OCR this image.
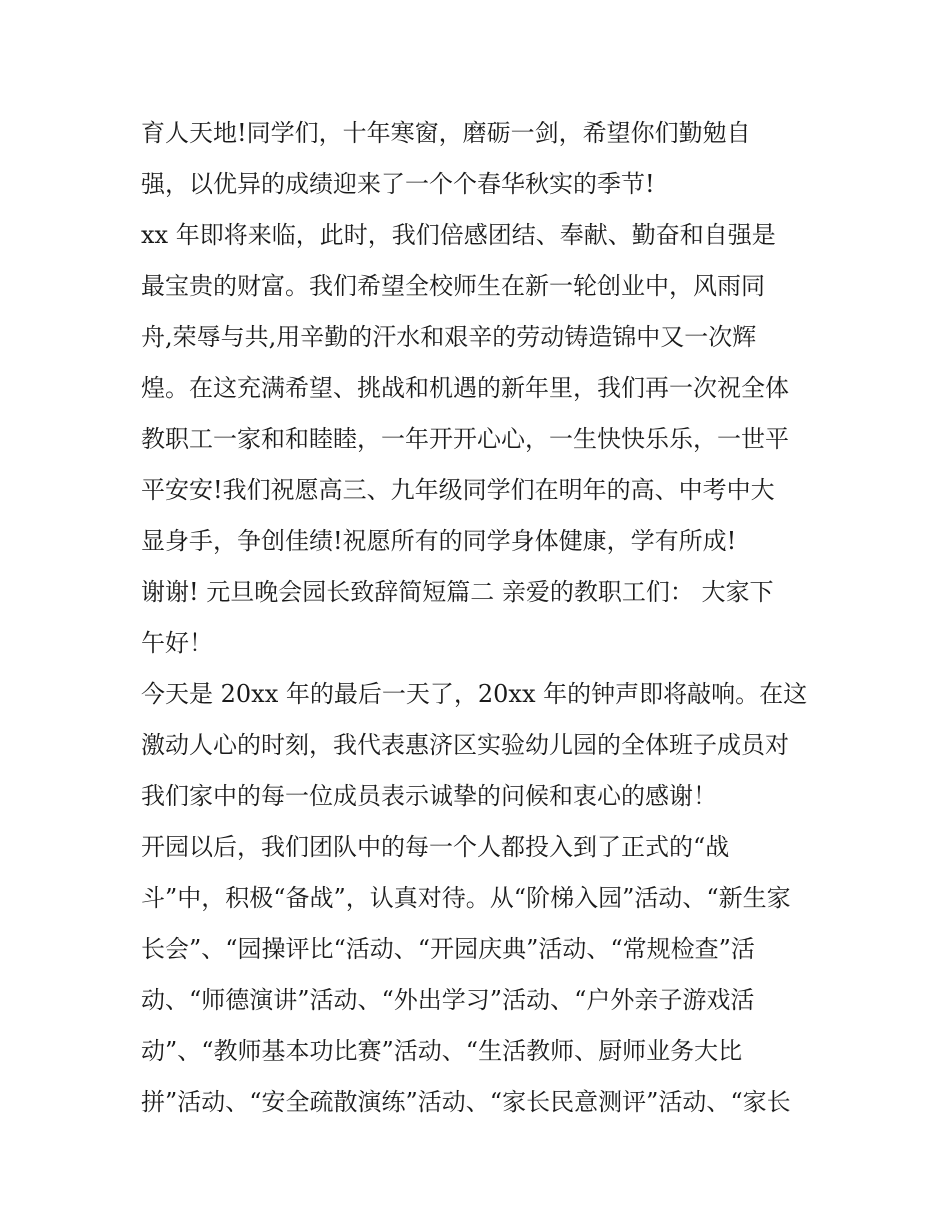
育人天地!同学们，十年寒窗，磨砺一剑，希望你们勤勉自
强，以优异的成绩迎来了一个个春华秋实的季节!
xx 年即将来临，此时，我们倍感团结、奉献、勤奋和自强是
最宝贵的财富。我们希望全校师生在新一轮创业中，风雨同
舟,荣辱与共,用辛勤的汗水和艰辛的劳动铸造锦中又一次辉
煌。在这充满希望、挑战和机遇的新年里，我们再一次祝全体
教职工一家和和睦睦，一年开开心心，一生快快乐乐，一世平
平安安!我们祝愿高三、九年级同学们在明年的高、中考中大
显身手，争创佳绩!祝愿所有的同学身体健康，学有所成!
谢谢! 元旦晚会园长致辞简短篇二 亲爱的教职工们： 大家下
午好！
今天是 20xx 年的最后一天了，20xx 年的钟声即将敲响。在这
激动人心的时刻，我代表惠济区实验幼儿园的全体班子成员对
我们家中的每一位成员表示诚挚的问候和衷心的感谢！
开园以后，我们团队中的每一个人都投入到了正式的“战
斗”中，积极“备战”，认真对待。从“阶梯入园”活动、“新生家
长会”、“园操评比“活动、“开园庆典”活动、“常规检查”活
动、“师德演讲”活动、“外出学习”活动、“户外亲子游戏活
动”、“教师基本功比赛”活动、“生活教师、厨师业务大比
拼”活动、“安全疏散演练”活动、“家长民意测评”活动、“家长
